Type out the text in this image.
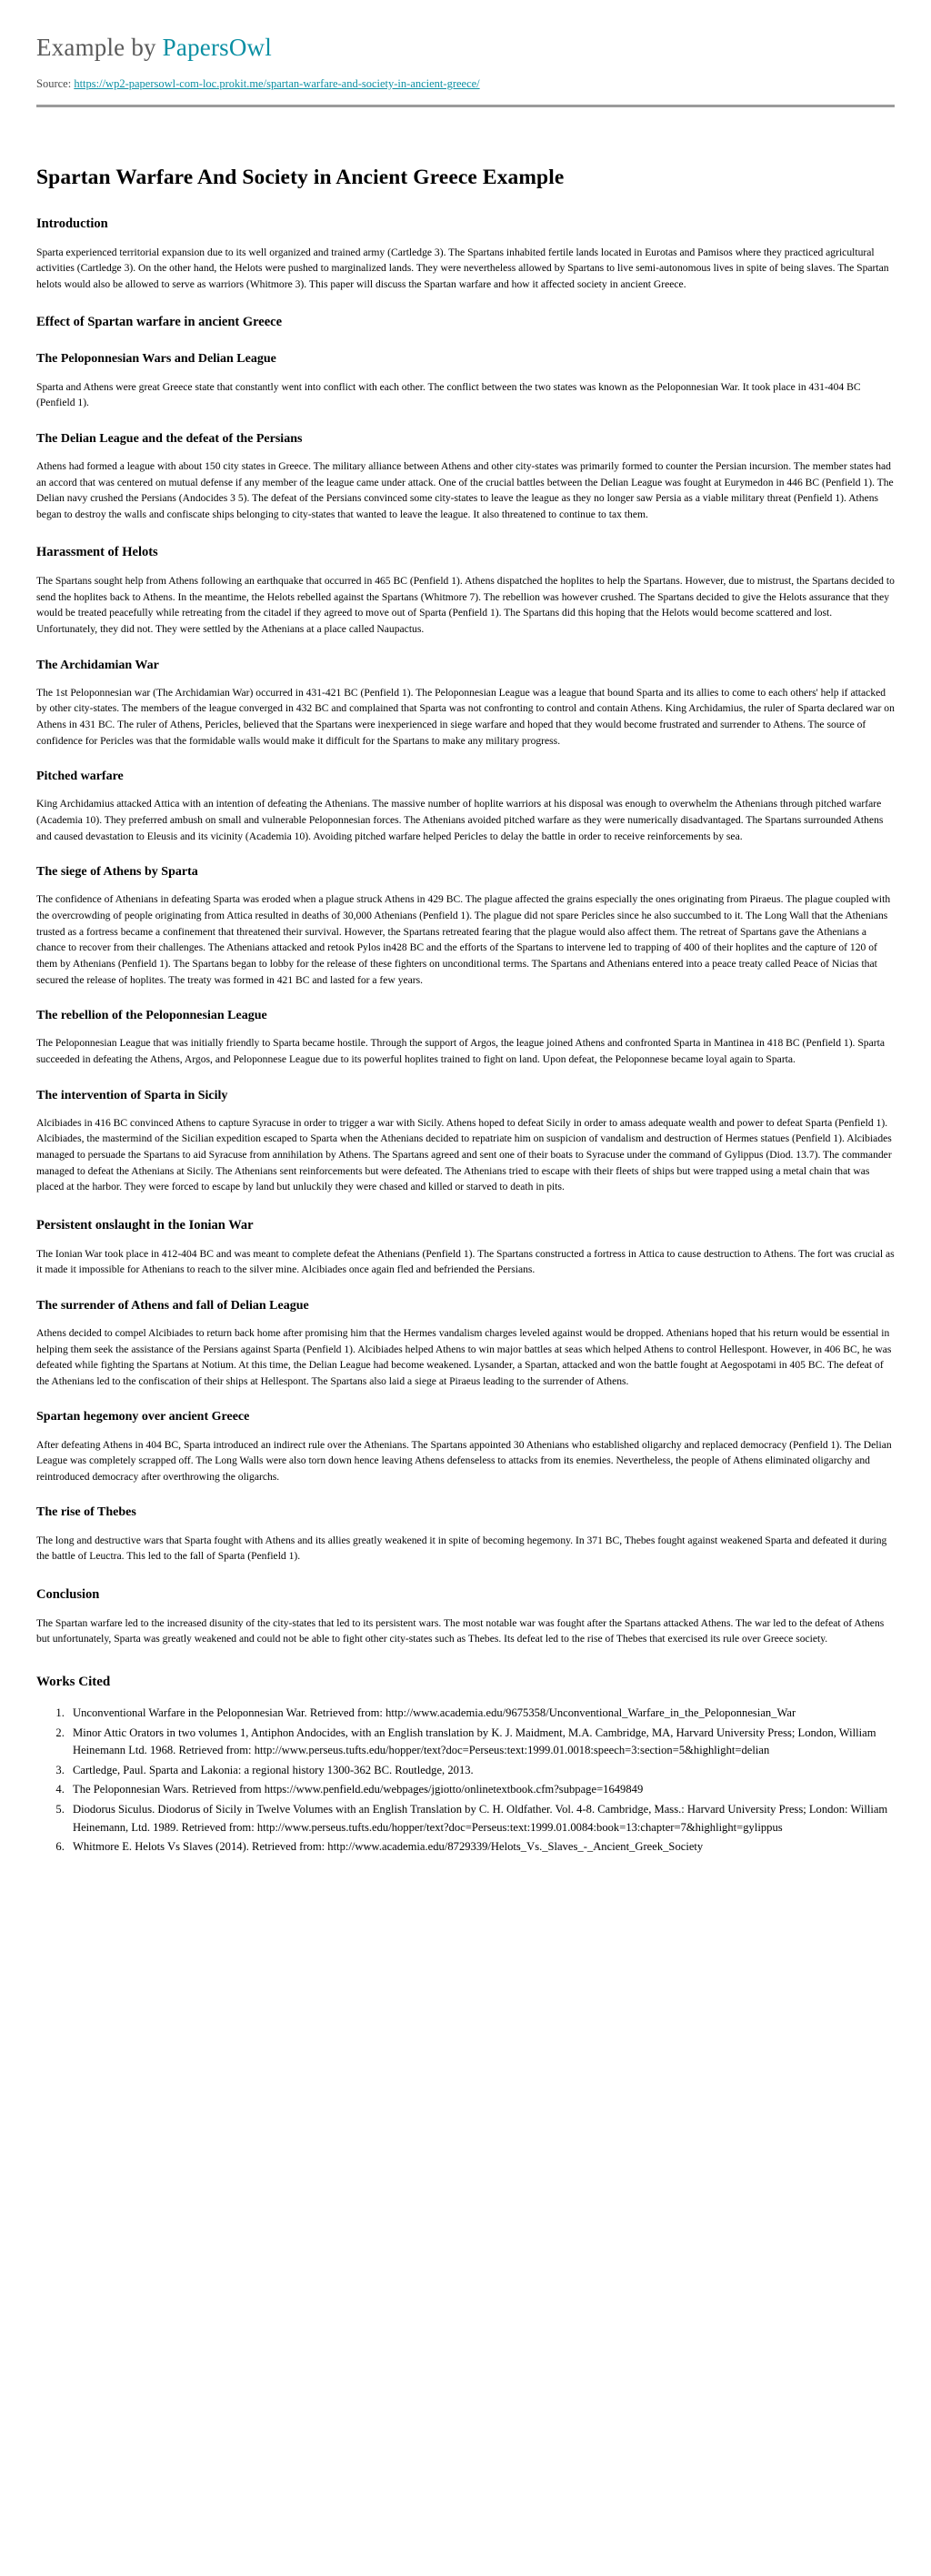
Example by PapersOwl
Source: https://wp2-papersowl-com-loc.prokit.me/spartan-warfare-and-society-in-ancient-greece/
Spartan Warfare And Society in Ancient Greece Example
Introduction

Sparta experienced territorial expansion due to its well organized and trained army (Cartledge 3). The Spartans inhabited fertile lands located in Eurotas and Pamisos where they practiced agricultural activities (Cartledge 3). On the other hand, the Helots were pushed to marginalized lands. They were nevertheless allowed by Spartans to live semi-autonomous lives in spite of being slaves. The Spartan helots would also be allowed to serve as warriors (Whitmore 3). This paper will discuss the Spartan warfare and how it affected society in ancient Greece.

Effect of Spartan warfare in ancient Greece
The Peloponnesian Wars and Delian League

Sparta and Athens were great Greece state that constantly went into conflict with each other. The conflict between the two states was known as the Peloponnesian War. It took place in 431-404 BC (Penfield 1).

The Delian League and the defeat of the Persians

Athens had formed a league with about 150 city states in Greece. The military alliance between Athens and other city-states was primarily formed to counter the Persian incursion. The member states had an accord that was centered on mutual defense if any member of the league came under attack. One of the crucial battles between the Delian League was fought at Eurymedon in 446 BC (Penfield 1). The Delian navy crushed the Persians (Andocides 3 5). The defeat of the Persians convinced some city-states to leave the league as they no longer saw Persia as a viable military threat (Penfield 1). Athens began to destroy the walls and confiscate ships belonging to city-states that wanted to leave the league. It also threatened to continue to tax them.

Harassment of Helots

The Spartans sought help from Athens following an earthquake that occurred in 465 BC (Penfield 1). Athens dispatched the hoplites to help the Spartans. However, due to mistrust, the Spartans decided to send the hoplites back to Athens. In the meantime, the Helots rebelled against the Spartans (Whitmore 7). The rebellion was however crushed. The Spartans decided to give the Helots assurance that they would be treated peacefully while retreating from the citadel if they agreed to move out of Sparta (Penfield 1). The Spartans did this hoping that the Helots would become scattered and lost. Unfortunately, they did not. They were settled by the Athenians at a place called Naupactus.

The Archidamian War

The 1st Peloponnesian war (The Archidamian War) occurred in 431-421 BC (Penfield 1). The Peloponnesian League was a league that bound Sparta and its allies to come to each others' help if attacked by other city-states. The members of the league converged in 432 BC and complained that Sparta was not confronting to control and contain Athens. King Archidamius, the ruler of Sparta declared war on Athens in 431 BC. The ruler of Athens, Pericles, believed that the Spartans were inexperienced in siege warfare and hoped that they would become frustrated and surrender to Athens. The source of confidence for Pericles was that the formidable walls would make it difficult for the Spartans to make any military progress.

Pitched warfare

King Archidamius attacked Attica with an intention of defeating the Athenians. The massive number of hoplite warriors at his disposal was enough to overwhelm the Athenians through pitched warfare (Academia 10). They preferred ambush on small and vulnerable Peloponnesian forces. The Athenians avoided pitched warfare as they were numerically disadvantaged. The Spartans surrounded Athens and caused devastation to Eleusis and its vicinity (Academia 10). Avoiding pitched warfare helped Pericles to delay the battle in order to receive reinforcements by sea.

The siege of Athens by Sparta

The confidence of Athenians in defeating Sparta was eroded when a plague struck Athens in 429 BC. The plague affected the grains especially the ones originating from Piraeus. The plague coupled with the overcrowding of people originating from Attica resulted in deaths of 30,000 Athenians (Penfield 1). The plague did not spare Pericles since he also succumbed to it. The Long Wall that the Athenians trusted as a fortress became a confinement that threatened their survival. However, the Spartans retreated fearing that the plague would also affect them. The retreat of Spartans gave the Athenians a chance to recover from their challenges. The Athenians attacked and retook Pylos in428 BC and the efforts of the Spartans to intervene led to trapping of 400 of their hoplites and the capture of 120 of them by Athenians (Penfield 1). The Spartans began to lobby for the release of these fighters on unconditional terms. The Spartans and Athenians entered into a peace treaty called Peace of Nicias that secured the release of hoplites. The treaty was formed in 421 BC and lasted for a few years.

The rebellion of the Peloponnesian League

The Peloponnesian League that was initially friendly to Sparta became hostile. Through the support of Argos, the league joined Athens and confronted Sparta in Mantinea in 418 BC (Penfield 1). Sparta succeeded in defeating the Athens, Argos, and Peloponnese League due to its powerful hoplites trained to fight on land. Upon defeat, the Peloponnese became loyal again to Sparta.

The intervention of Sparta in Sicily

Alcibiades in 416 BC convinced Athens to capture Syracuse in order to trigger a war with Sicily. Athens hoped to defeat Sicily in order to amass adequate wealth and power to defeat Sparta (Penfield 1). Alcibiades, the mastermind of the Sicilian expedition escaped to Sparta when the Athenians decided to repatriate him on suspicion of vandalism and destruction of Hermes statues (Penfield 1). Alcibiades managed to persuade the Spartans to aid Syracuse from annihilation by Athens. The Spartans agreed and sent one of their boats to Syracuse under the command of Gylippus (Diod. 13.7). The commander managed to defeat the Athenians at Sicily. The Athenians sent reinforcements but were defeated. The Athenians tried to escape with their fleets of ships but were trapped using a metal chain that was placed at the harbor. They were forced to escape by land but unluckily they were chased and killed or starved to death in pits.

Persistent onslaught in the Ionian War

The Ionian War took place in 412-404 BC and was meant to complete defeat the Athenians (Penfield 1). The Spartans constructed a fortress in Attica to cause destruction to Athens. The fort was crucial as it made it impossible for Athenians to reach to the silver mine. Alcibiades once again fled and befriended the Persians.

The surrender of Athens and fall of Delian League

Athens decided to compel Alcibiades to return back home after promising him that the Hermes vandalism charges leveled against would be dropped. Athenians hoped that his return would be essential in helping them seek the assistance of the Persians against Sparta (Penfield 1). Alcibiades helped Athens to win major battles at seas which helped Athens to control Hellespont. However, in 406 BC, he was defeated while fighting the Spartans at Notium. At this time, the Delian League had become weakened. Lysander, a Spartan, attacked and won the battle fought at Aegospotami in 405 BC. The defeat of the Athenians led to the confiscation of their ships at Hellespont. The Spartans also laid a siege at Piraeus leading to the surrender of Athens.

Spartan hegemony over ancient Greece

After defeating Athens in 404 BC, Sparta introduced an indirect rule over the Athenians. The Spartans appointed 30 Athenians who established oligarchy and replaced democracy (Penfield 1). The Delian League was completely scrapped off. The Long Walls were also torn down hence leaving Athens defenseless to attacks from its enemies. Nevertheless, the people of Athens eliminated oligarchy and reintroduced democracy after overthrowing the oligarchs.

The rise of Thebes

The long and destructive wars that Sparta fought with Athens and its allies greatly weakened it in spite of becoming hegemony. In 371 BC, Thebes fought against weakened Sparta and defeated it during the battle of Leuctra. This led to the fall of Sparta (Penfield 1).

Conclusion

The Spartan warfare led to the increased disunity of the city-states that led to its persistent wars. The most notable war was fought after the Spartans attacked Athens. The war led to the defeat of Athens but unfortunately, Sparta was greatly weakened and could not be able to fight other city-states such as Thebes. Its defeat led to the rise of Thebes that exercised its rule over Greece society.

Works Cited
1. Unconventional Warfare in the Peloponnesian War. Retrieved from: http://www.academia.edu/9675358/Unconventional_Warfare_in_the_Peloponnesian_War
2. Minor Attic Orators in two volumes 1, Antiphon Andocides, with an English translation by K. J. Maidment, M.A. Cambridge, MA, Harvard University Press; London, William Heinemann Ltd. 1968. Retrieved from: http://www.perseus.tufts.edu/hopper/text?doc=Perseus:text:1999.01.0018:speech=3:section=5&highlight=delian
3. Cartledge, Paul. Sparta and Lakonia: a regional history 1300-362 BC. Routledge, 2013.
4. The Peloponnesian Wars. Retrieved from https://www.penfield.edu/webpages/jgiotto/onlinetextbook.cfm?subpage=1649849
5. Diodorus Siculus. Diodorus of Sicily in Twelve Volumes with an English Translation by C. H. Oldfather. Vol. 4-8. Cambridge, Mass.: Harvard University Press; London: William Heinemann, Ltd. 1989. Retrieved from: http://www.perseus.tufts.edu/hopper/text?doc=Perseus:text:1999.01.0084:book=13:chapter=7&highlight=gylippus
6. Whitmore E. Helots Vs Slaves (2014). Retrieved from: http://www.academia.edu/8729339/Helots_Vs._Slaves_-_Ancient_Greek_Society
